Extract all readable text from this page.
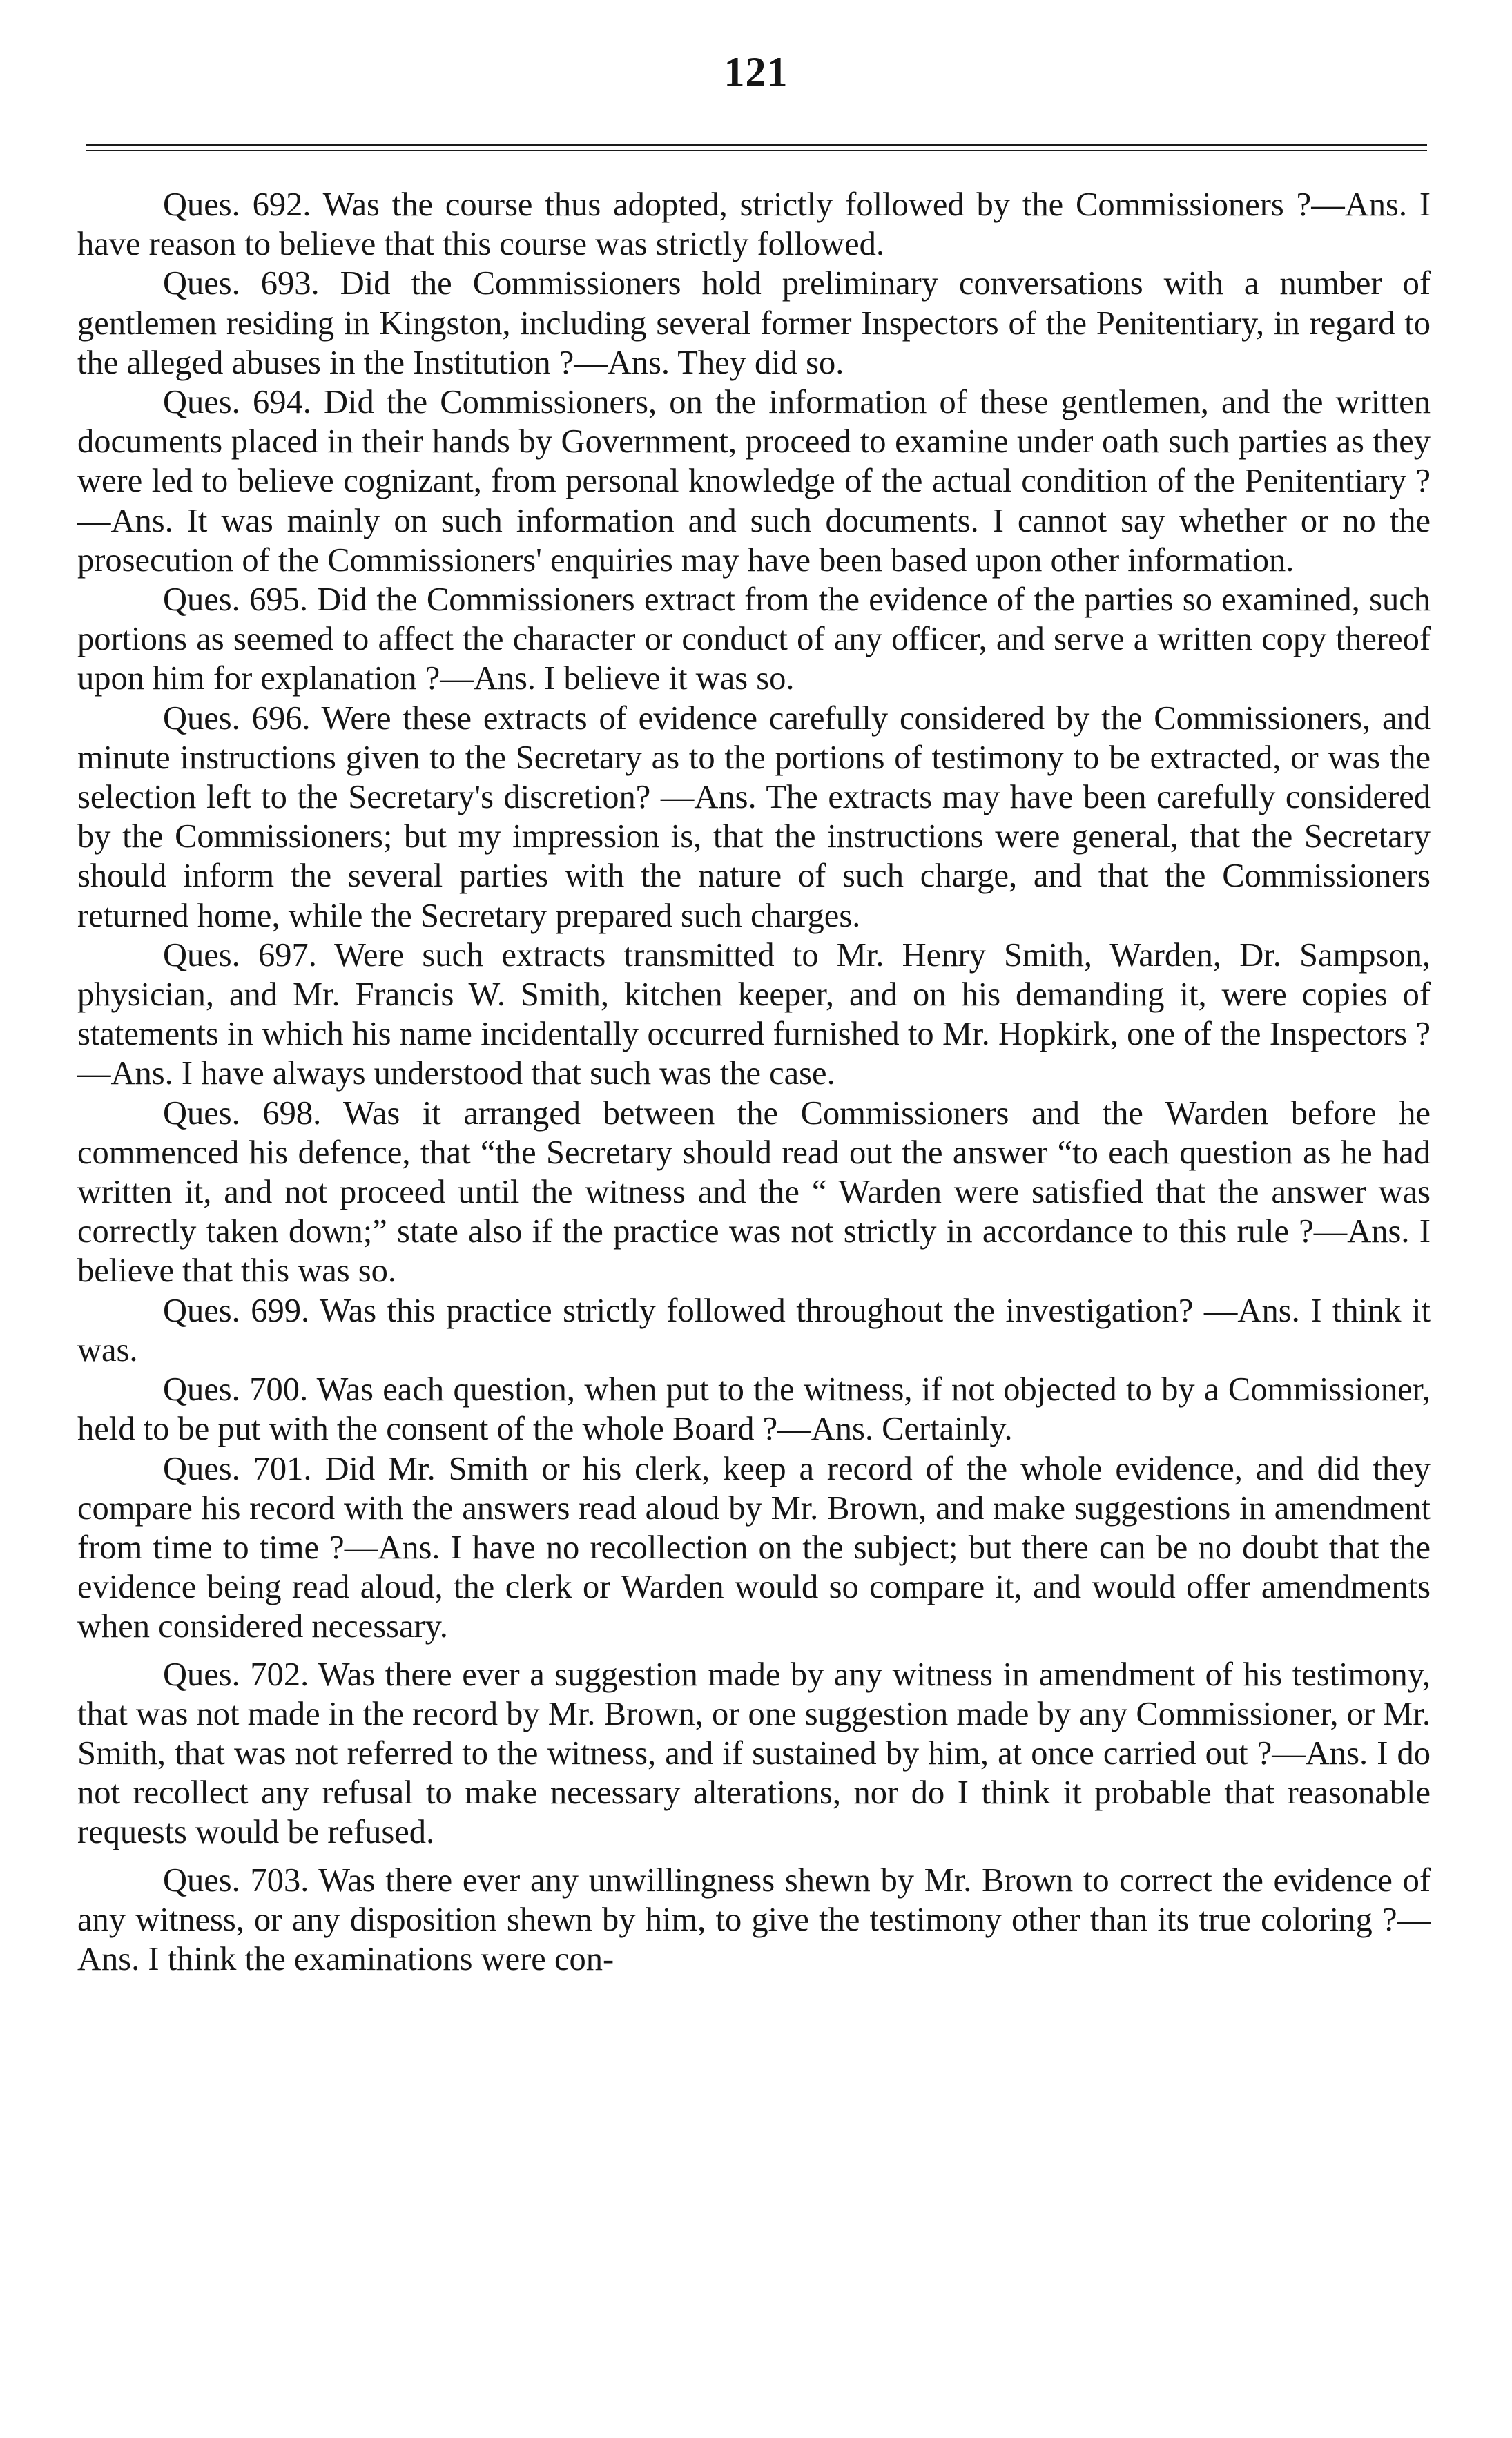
121

Ques. 692. Was the course thus adopted, strictly followed by the Commissioners ?—Ans. I have reason to believe that this course was strictly followed.

Ques. 693. Did the Commissioners hold preliminary conversations with a number of gentlemen residing in Kingston, including several former Inspectors of the Penitentiary, in regard to the alleged abuses in the Institution ?—Ans. They did so.

Ques. 694. Did the Commissioners, on the information of these gentlemen, and the written documents placed in their hands by Government, proceed to examine under oath such parties as they were led to believe cognizant, from personal knowledge of the actual condition of the Penitentiary ?—Ans. It was mainly on such information and such documents. I cannot say whether or no the prosecution of the Commissioners' enquiries may have been based upon other information.

Ques. 695. Did the Commissioners extract from the evidence of the parties so examined, such portions as seemed to affect the character or conduct of any officer, and serve a written copy thereof upon him for explanation ?—Ans. I believe it was so.

Ques. 696. Were these extracts of evidence carefully considered by the Commissioners, and minute instructions given to the Secretary as to the portions of testimony to be extracted, or was the selection left to the Secretary's discretion? —Ans. The extracts may have been carefully considered by the Commissioners; but my impression is, that the instructions were general, that the Secretary should inform the several parties with the nature of such charge, and that the Commissioners returned home, while the Secretary prepared such charges.

Ques. 697. Were such extracts transmitted to Mr. Henry Smith, Warden, Dr. Sampson, physician, and Mr. Francis W. Smith, kitchen keeper, and on his demanding it, were copies of statements in which his name incidentally occurred furnished to Mr. Hopkirk, one of the Inspectors ?—Ans. I have always understood that such was the case.

Ques. 698. Was it arranged between the Commissioners and the Warden before he commenced his defence, that “the Secretary should read out the answer “to each question as he had written it, and not proceed until the witness and the “ Warden were satisfied that the answer was correctly taken down;” state also if the practice was not strictly in accordance to this rule ?—Ans. I believe that this was so.

Ques. 699. Was this practice strictly followed throughout the investigation? —Ans. I think it was.

Ques. 700. Was each question, when put to the witness, if not objected to by a Commissioner, held to be put with the consent of the whole Board ?—Ans. Certainly.

Ques. 701. Did Mr. Smith or his clerk, keep a record of the whole evidence, and did they compare his record with the answers read aloud by Mr. Brown, and make suggestions in amendment from time to time ?—Ans. I have no recollection on the subject; but there can be no doubt that the evidence being read aloud, the clerk or Warden would so compare it, and would offer amendments when considered necessary.

Ques. 702. Was there ever a suggestion made by any witness in amendment of his testimony, that was not made in the record by Mr. Brown, or one suggestion made by any Commissioner, or Mr. Smith, that was not referred to the witness, and if sustained by him, at once carried out ?—Ans. I do not recollect any refusal to make necessary alterations, nor do I think it probable that reasonable requests would be refused.

Ques. 703. Was there ever any unwillingness shewn by Mr. Brown to correct the evidence of any witness, or any disposition shewn by him, to give the testimony other than its true coloring ?—Ans. I think the examinations were con-
